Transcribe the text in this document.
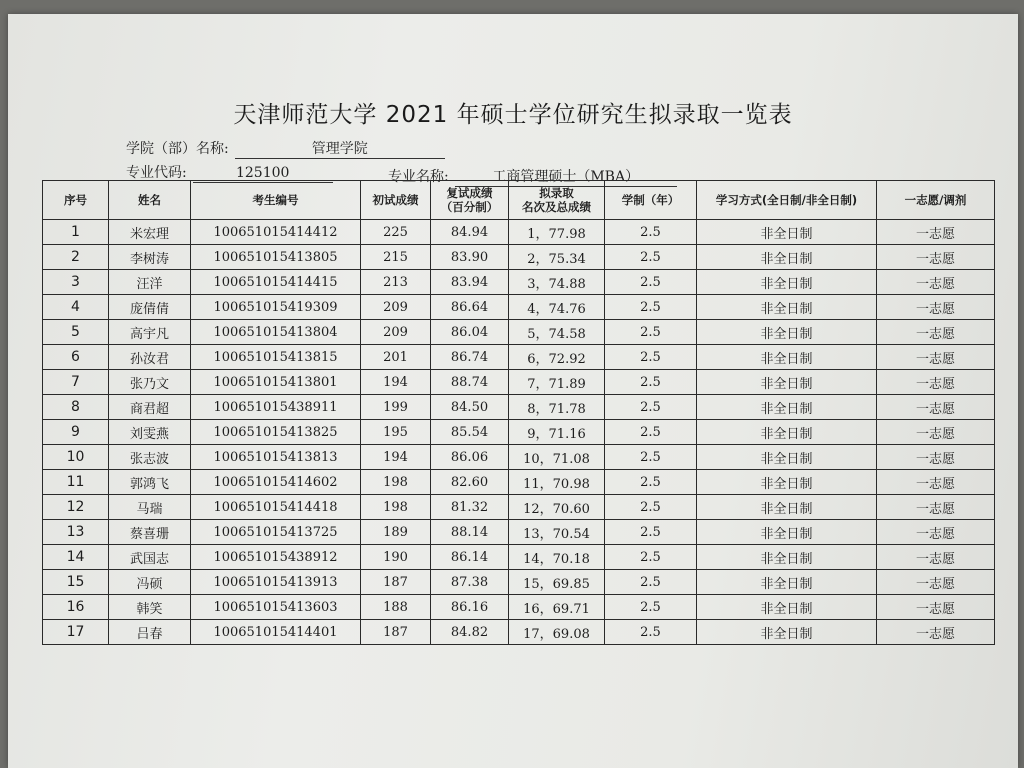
天津师范大学 2021 年硕士学位研究生拟录取一览表
学院（部）名称:	管理学院
专业代码:	125100	专业名称:	工商管理硕士（MBA）
序号	姓名	考生编号	初试成绩	复试成绩
（百分制）	拟录取
名次及总成绩	学制（年）	学习方式(全日制/非全日制)	一志愿/调剂
1	米宏理	100651015414412	225	84.94	1，77.98	2.5	非全日制	一志愿
2	李树涛	100651015413805	215	83.90	2，75.34	2.5	非全日制	一志愿
3	汪洋	100651015414415	213	83.94	3，74.88	2.5	非全日制	一志愿
4	庞倩倩	100651015419309	209	86.64	4，74.76	2.5	非全日制	一志愿
5	高宇凡	100651015413804	209	86.04	5，74.58	2.5	非全日制	一志愿
6	孙汝君	100651015413815	201	86.74	6，72.92	2.5	非全日制	一志愿
7	张乃文	100651015413801	194	88.74	7，71.89	2.5	非全日制	一志愿
8	商君超	100651015438911	199	84.50	8，71.78	2.5	非全日制	一志愿
9	刘雯燕	100651015413825	195	85.54	9，71.16	2.5	非全日制	一志愿
10	张志波	100651015413813	194	86.06	10，71.08	2.5	非全日制	一志愿
11	郭鸿飞	100651015414602	198	82.60	11，70.98	2.5	非全日制	一志愿
12	马瑞	100651015414418	198	81.32	12，70.60	2.5	非全日制	一志愿
13	蔡喜珊	100651015413725	189	88.14	13，70.54	2.5	非全日制	一志愿
14	武国志	100651015438912	190	86.14	14，70.18	2.5	非全日制	一志愿
15	冯硕	100651015413913	187	87.38	15，69.85	2.5	非全日制	一志愿
16	韩笑	100651015413603	188	86.16	16，69.71	2.5	非全日制	一志愿
17	吕春	100651015414401	187	84.82	17，69.08	2.5	非全日制	一志愿
